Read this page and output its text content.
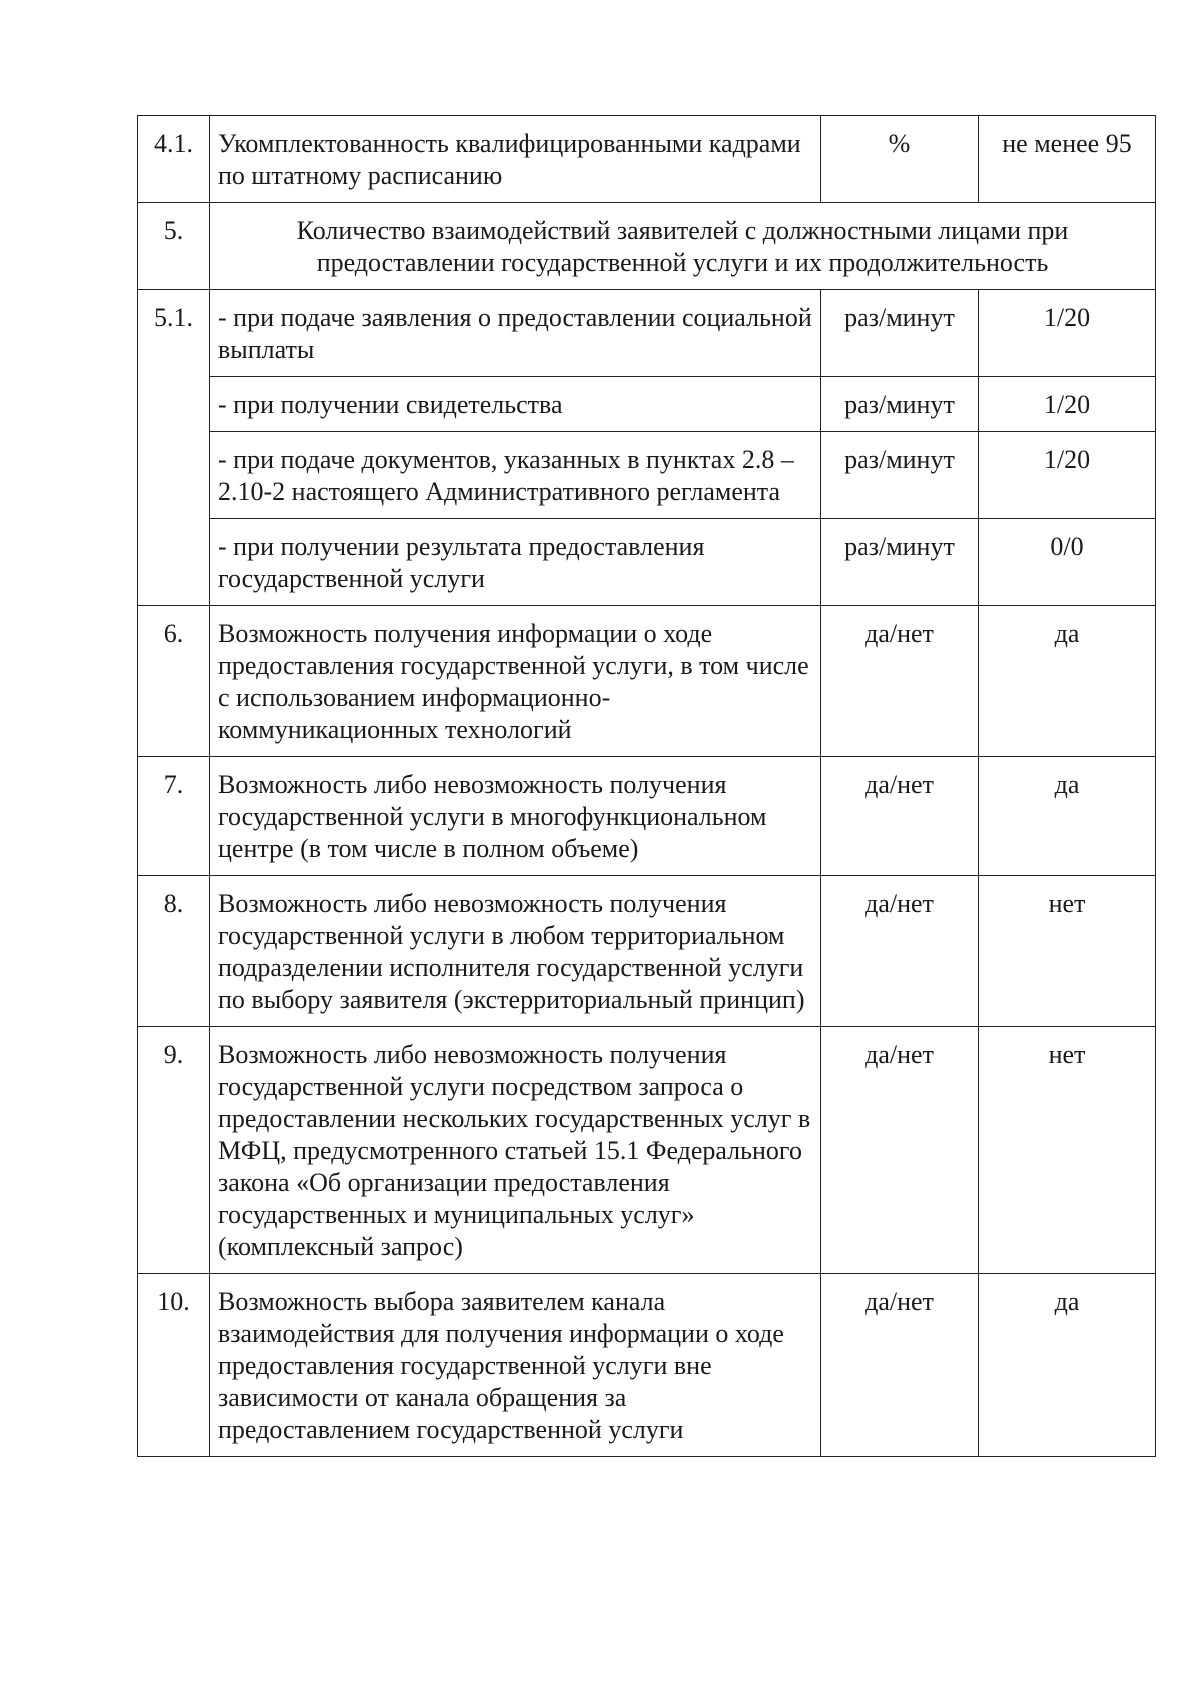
4.1.	Укомплектованность квалифицированными кадрами по штатному расписанию	%	не менее 95
5.	Количество взаимодействий заявителей с должностными лицами при предоставлении государственной услуги и их продолжительность		
5.1.	- при подаче заявления о предоставлении социальной выплаты	раз/минут	1/20
	- при получении свидетельства	раз/минут	1/20
	- при подаче документов, указанных в пунктах 2.8 – 2.10-2 настоящего Административного регламента	раз/минут	1/20
	- при получении результата предоставления государственной услуги	раз/минут	0/0
6.	Возможность получения информации о ходе предоставления государственной услуги, в том числе с использованием информационно-коммуникационных технологий	да/нет	да
7.	Возможность либо невозможность получения государственной услуги в многофункциональном центре (в том числе в полном объеме)	да/нет	да
8.	Возможность либо невозможность получения государственной услуги в любом территориальном подразделении исполнителя государственной услуги по выбору заявителя (экстерриториальный принцип)	да/нет	нет
9.	Возможность либо невозможность получения государственной услуги посредством запроса о предоставлении нескольких государственных услуг в МФЦ, предусмотренного статьей 15.1 Федерального закона «Об организации предоставления государственных и муниципальных услуг» (комплексный запрос)	да/нет	нет
10.	Возможность выбора заявителем канала взаимодействия для получения информации о ходе предоставления государственной услуги вне зависимости от канала обращения за предоставлением государственной услуги	да/нет	да
